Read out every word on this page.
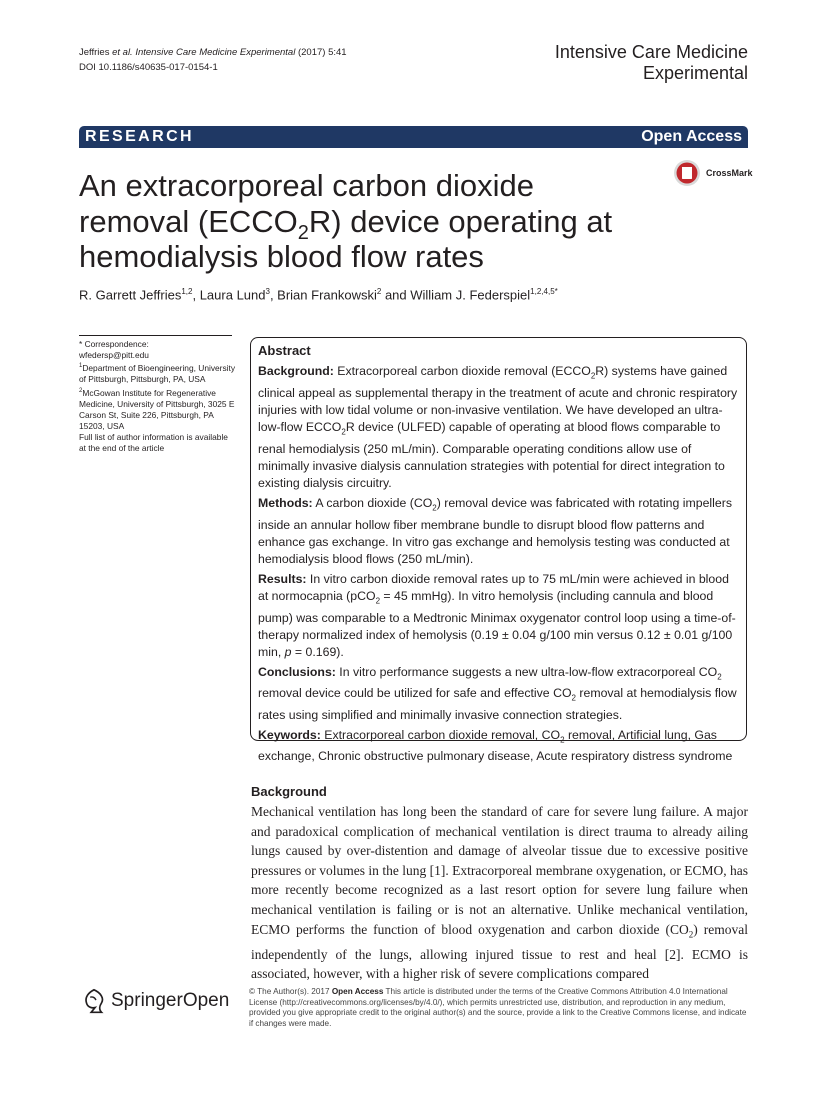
Jeffries et al. Intensive Care Medicine Experimental (2017) 5:41
DOI 10.1186/s40635-017-0154-1
Intensive Care Medicine
Experimental
RESEARCH	Open Access
An extracorporeal carbon dioxide removal $(ECCO_2R)$ device operating at hemodialysis blood flow rates
CrossMark
R. Garrett Jeffries$^{1,2}$, Laura Lund$^3$, Brian Frankowski$^2$ and William J. Federspiel$^{1,2,4,5*}$

* Correspondence:

wfedersp@pitt.edu

$^1$Department of Bioengineering, University of Pittsburgh, Pittsburgh, PA, USA

$^2$McGowan Institute for Regenerative Medicine, University of Pittsburgh, 3025 E Carson St, Suite 226, Pittsburgh, PA 15203, USA

Full list of author information is available at the end of the article

Abstract

Background: Extracorporeal carbon dioxide removal $(ECCO_2R)$ systems have gained clinical appeal as supplemental therapy in the treatment of acute and chronic respiratory injuries with low tidal volume or non-invasive ventilation. We have developed an ultra-low-flow $ECCO_2R$ device (ULFED) capable of operating at blood flows comparable to renal hemodialysis (250 mL/min). Comparable operating conditions allow use of minimally invasive dialysis cannulation strategies with potential for direct integration to existing dialysis circuitry.

Methods: A carbon dioxide $(CO_2)$ removal device was fabricated with rotating impellers inside an annular hollow fiber membrane bundle to disrupt blood flow patterns and enhance gas exchange. In vitro gas exchange and hemolysis testing was conducted at hemodialysis blood flows (250 mL/min).

Results: In vitro carbon dioxide removal rates up to 75 mL/min were achieved in blood at normocapnia (pCO$_2$ = 45 mmHg). In vitro hemolysis (including cannula and blood pump) was comparable to a Medtronic Minimax oxygenator control loop using a time-of-therapy normalized index of hemolysis (0.19 ± 0.04 g/100 min versus 0.12 ± 0.01 g/100 min, p = 0.169).

Conclusions: In vitro performance suggests a new ultra-low-flow extracorporeal $CO_2$ removal device could be utilized for safe and effective $CO_2$ removal at hemodialysis flow rates using simplified and minimally invasive connection strategies.

Keywords: Extracorporeal carbon dioxide removal, $CO_2$ removal, Artificial lung, Gas exchange, Chronic obstructive pulmonary disease, Acute respiratory distress syndrome

Background
Mechanical ventilation has long been the standard of care for severe lung failure. A major and paradoxical complication of mechanical ventilation is direct trauma to already ailing lungs caused by over-distention and damage of alveolar tissue due to excessive positive pressures or volumes in the lung [1]. Extracorporeal membrane oxygenation, or ECMO, has more recently become recognized as a last resort option for severe lung failure when mechanical ventilation is failing or is not an alternative. Unlike mechanical ventilation, ECMO performs the function of blood oxygenation and carbon dioxide $(CO_2)$ removal independently of the lungs, allowing injured tissue to rest and heal [2]. ECMO is associated, however, with a higher risk of severe complications compared
SpringerOpen © The Author(s). 2017 Open Access This article is distributed under the terms of the Creative Commons Attribution 4.0 International License (http://creativecommons.org/licenses/by/4.0/), which permits unrestricted use, distribution, and reproduction in any medium, provided you give appropriate credit to the original author(s) and the source, provide a link to the Creative Commons license, and indicate if changes were made.
